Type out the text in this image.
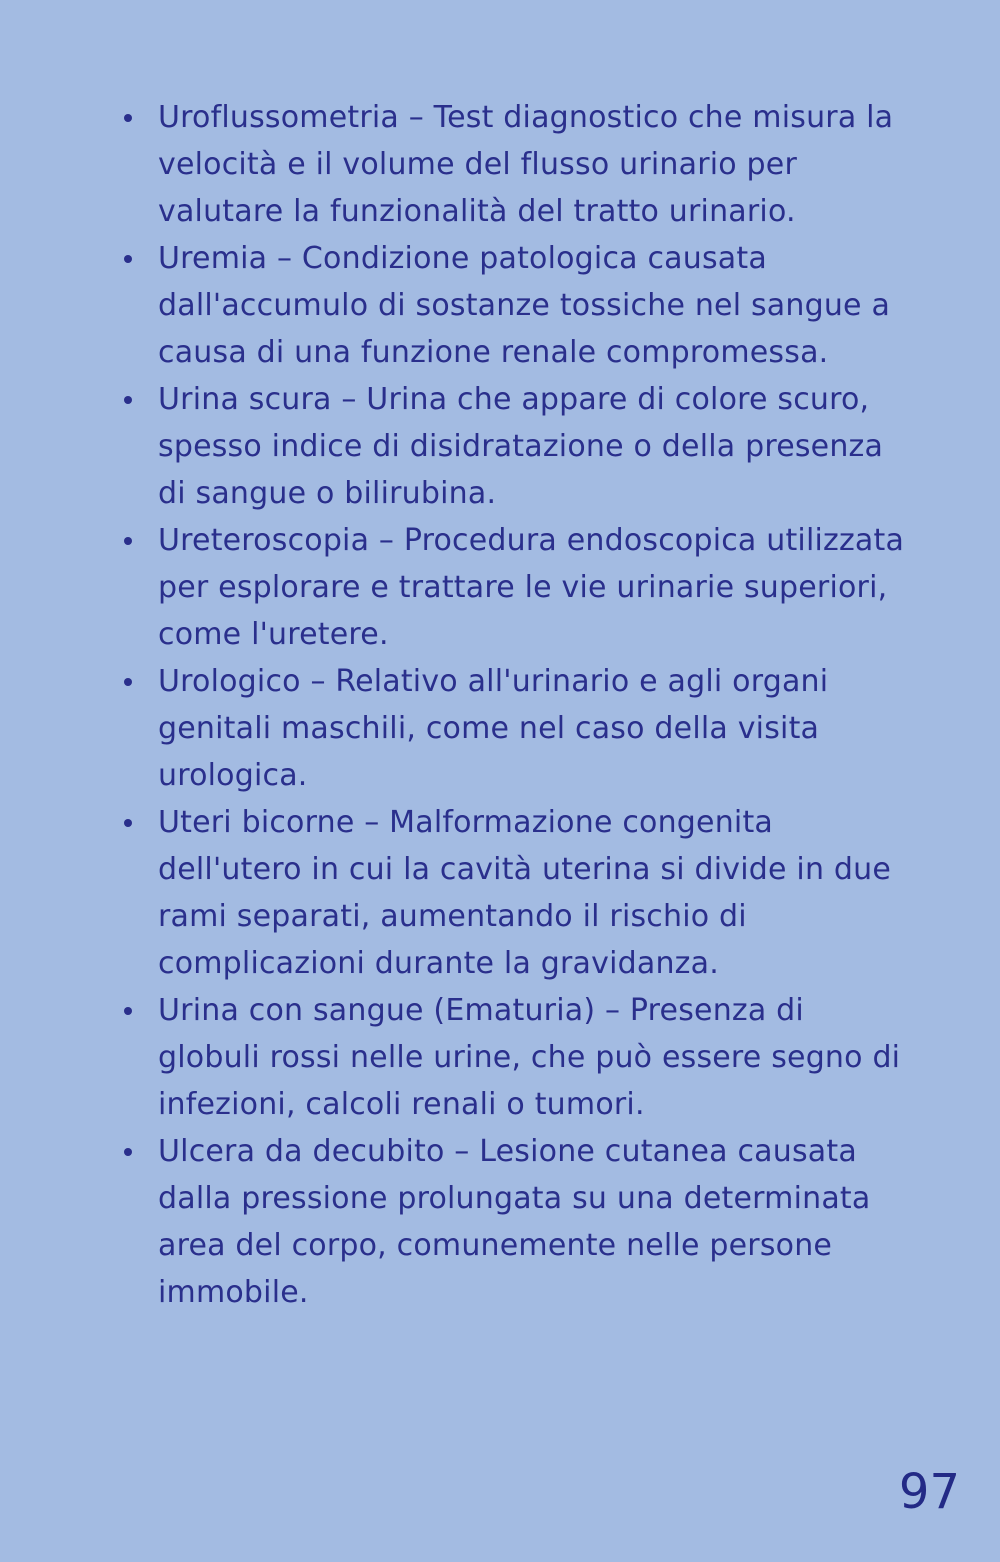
Uroflussometria – Test diagnostico che misura la velocità e il volume del flusso urinario per valutare la funzionalità del tratto urinario.
Uremia – Condizione patologica causata dall'accumulo di sostanze tossiche nel sangue a causa di una funzione renale compromessa.
Urina scura – Urina che appare di colore scuro, spesso indice di disidratazione o della presenza di sangue o bilirubina.
Ureteroscopia – Procedura endoscopica utilizzata per esplorare e trattare le vie urinarie superiori, come l'uretere.
Urologico – Relativo all'urinario e agli organi genitali maschili, come nel caso della visita urologica.
Uteri bicorne – Malformazione congenita dell'utero in cui la cavità uterina si divide in due rami separati, aumentando il rischio di complicazioni durante la gravidanza.
Urina con sangue (Ematuria) – Presenza di globuli rossi nelle urine, che può essere segno di infezioni, calcoli renali o tumori.
Ulcera da decubito – Lesione cutanea causata dalla pressione prolungata su una determinata area del corpo, comunemente nelle persone immobile.
97
